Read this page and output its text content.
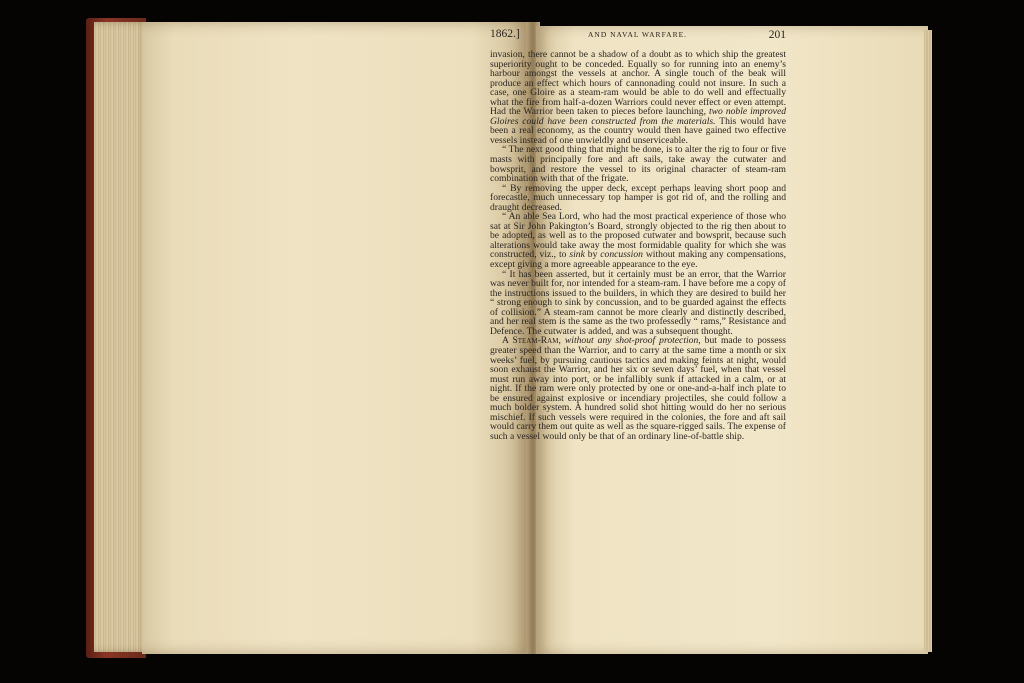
1862.]	AND NAVAL WARFARE.	201

invasion, there cannot be a shadow of a doubt as to which ship the greatest superiority ought to be conceded. Equally so for running into an enemy’s harbour amongst the vessels at anchor. A single touch of the beak will produce an effect which hours of cannonading could not insure. In such a case, one Gloire as a steam-ram would be able to do well and effectually what the fire from half-a-dozen Warriors could never effect or even attempt. Had the Warrior been taken to pieces before launching, two noble improved Gloires could have been constructed from the materials. This would have been a real economy, as the country would then have gained two effective vessels instead of one unwieldly and unserviceable.

“ The next good thing that might be done, is to alter the rig to four or five masts with principally fore and aft sails, take away the cutwater and bowsprit, and restore the vessel to its original character of steam-ram combination with that of the frigate.

“ By removing the upper deck, except perhaps leaving short poop and forecastle, much unnecessary top hamper is got rid of, and the rolling and draught decreased.

“ An able Sea Lord, who had the most practical experience of those who sat at Sir John Pakington’s Board, strongly objected to the rig then about to be adopted, as well as to the proposed cutwater and bowsprit, because such alterations would take away the most formidable quality for which she was constructed, viz., to sink by concussion without making any compensations, except giving a more agreeable appearance to the eye.

“ It has been asserted, but it certainly must be an error, that the Warrior was never built for, nor intended for a steam-ram. I have before me a copy of the instructions issued to the builders, in which they are desired to build her “ strong enough to sink by concussion, and to be guarded against the effects of collision.” A steam-ram cannot be more clearly and distinctly described, and her real stem is the same as the two professedly “ rams,” Resistance and Defence. The cutwater is added, and was a subsequent thought.

A Steam-Ram, without any shot-proof protection, but made to possess greater speed than the Warrior, and to carry at the same time a month or six weeks’ fuel, by pursuing cautious tactics and making feints at night, would soon exhaust the Warrior, and her six or seven days’ fuel, when that vessel must run away into port, or be infallibly sunk if attacked in a calm, or at night. If the ram were only protected by one or one-and-a-half inch plate to be ensured against explosive or incendiary projectiles, she could follow a much bolder system. A hundred solid shot hitting would do her no serious mischief. If such vessels were required in the colonies, the fore and aft sail would carry them out quite as well as the square-rigged sails. The expense of such a vessel would only be that of an ordinary line-of-battle ship.
